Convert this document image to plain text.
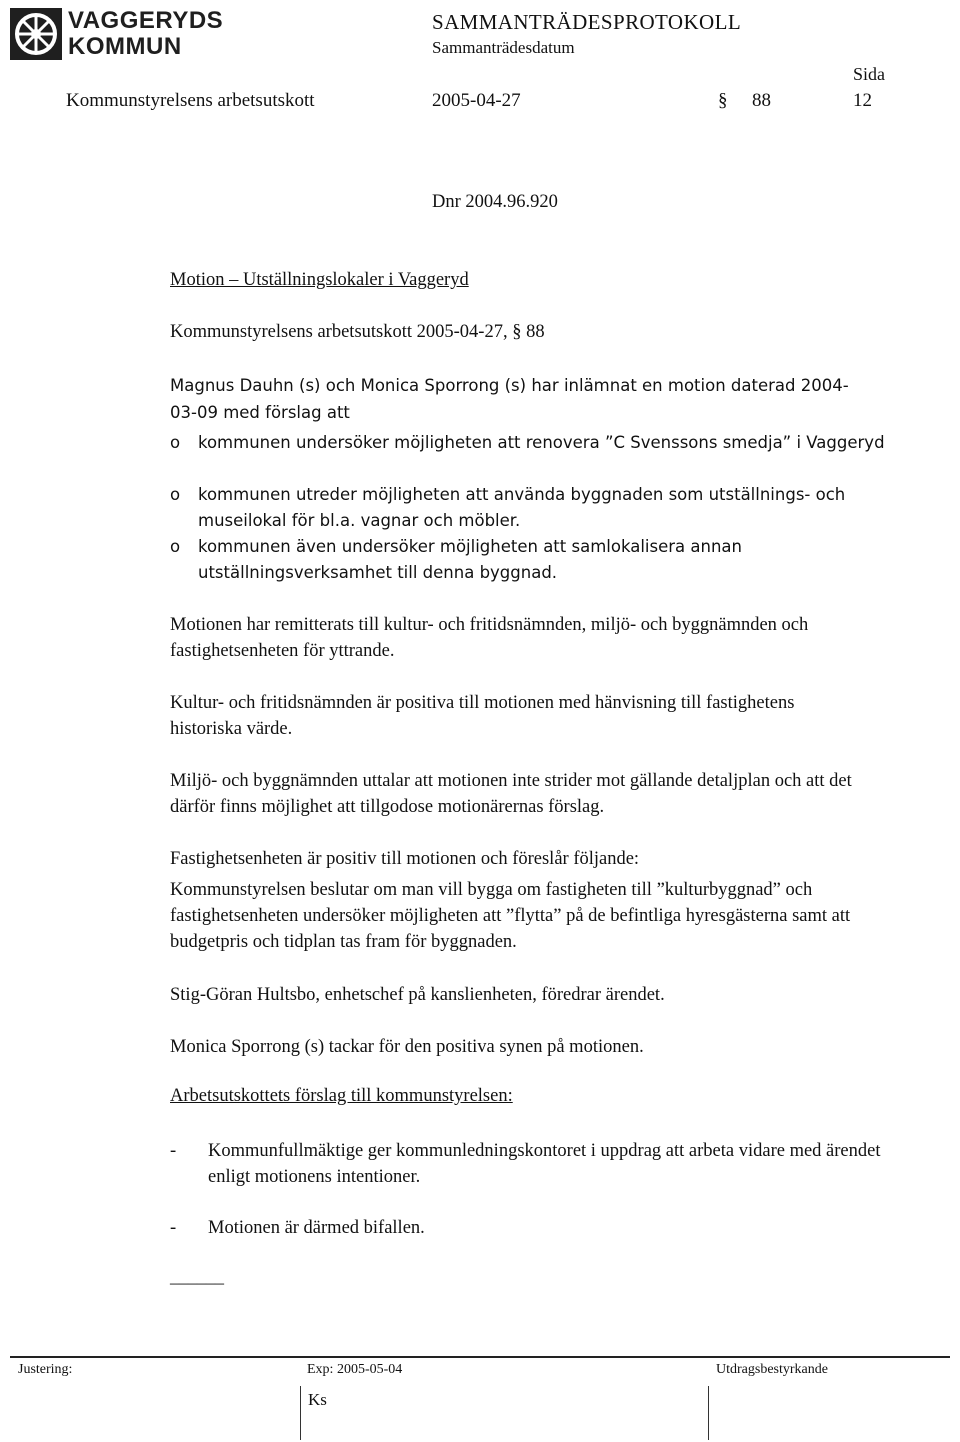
VAGGERYDS
KOMMUN
SAMMANTRÄDESPROTOKOLL
Sammanträdesdatum
Sida
Kommunstyrelsens arbetsutskott	2005-04-27	§ 88	12
Dnr 2004.96.920
Motion – Utställningslokaler i Vaggeryd
Kommunstyrelsens arbetsutskott 2005-04-27, § 88
Magnus Dauhn (s) och Monica Sporrong (s) har inlämnat en motion daterad 2004-03-09 med förslag att
o kommunen undersöker möjligheten att renovera ”C Svenssons smedja” i Vaggeryd
o kommunen utreder möjligheten att använda byggnaden som utställnings- och museilokal för bl.a. vagnar och möbler.
o kommunen även undersöker möjligheten att samlokalisera annan utställningsverksamhet till denna byggnad.
Motionen har remitterats till kultur- och fritidsnämnden, miljö- och byggnämnden och fastighetsenheten för yttrande.
Kultur- och fritidsnämnden är positiva till motionen med hänvisning till fastighetens historiska värde.
Miljö- och byggnämnden uttalar att motionen inte strider mot gällande detaljplan och att det därför finns möjlighet att tillgodose motionärernas förslag.
Fastighetsenheten är positiv till motionen och föreslår följande:
Kommunstyrelsen beslutar om man vill bygga om fastigheten till ”kulturbyggnad” och fastighetsenheten undersöker möjligheten att ”flytta” på de befintliga hyresgästerna samt att budgetpris och tidplan tas fram för byggnaden.
Stig-Göran Hultsbo, enhetschef på kanslienheten, föredrar ärendet.
Monica Sporrong (s) tackar för den positiva synen på motionen.
Arbetsutskottets förslag till kommunstyrelsen:
- Kommunfullmäktige ger kommunledningskontoret i uppdrag att arbeta vidare med ärendet enligt motionens intentioner.
- Motionen är därmed bifallen.
______
Justering:	Exp: 2005-05-04	Utdragsbestyrkande
Ks
